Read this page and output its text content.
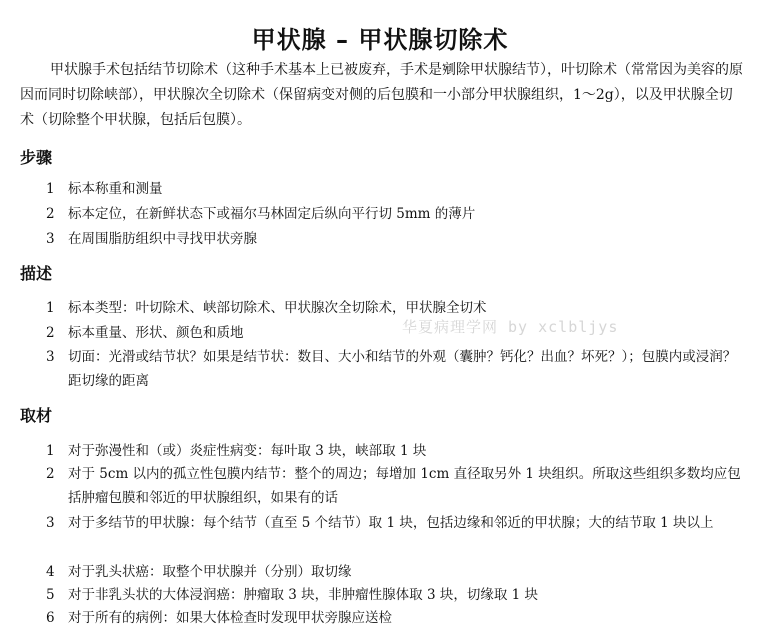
甲状腺 – 甲状腺切除术

甲状腺手术包括结节切除术（这种手术基本上已被废弃，手术是剜除甲状腺结节），叶切除术（常常因为美容的原因而同时切除峡部），甲状腺次全切除术（保留病变对侧的后包膜和一小部分甲状腺组织，1～2g），以及甲状腺全切术（切除整个甲状腺，包括后包膜）。

步骤
1 标本称重和测量
2 标本定位，在新鲜状态下或福尔马林固定后纵向平行切 5mm 的薄片
3 在周围脂肪组织中寻找甲状旁腺
描述
1 标本类型：叶切除术、峡部切除术、甲状腺次全切除术，甲状腺全切术
2 标本重量、形状、颜色和质地
3 切面：光滑或结节状？如果是结节状：数目、大小和结节的外观（囊肿？钙化？出血？坏死？）；包膜内或浸润？距切缘的距离
取材
1 对于弥漫性和（或）炎症性病变：每叶取 3 块，峡部取 1 块
2 对于 5cm 以内的孤立性包膜内结节：整个的周边；每增加 1cm 直径取另外 1 块组织。所取这些组织多数均应包括肿瘤包膜和邻近的甲状腺组织，如果有的话
3 对于多结节的甲状腺：每个结节（直至 5 个结节）取 1 块，包括边缘和邻近的甲状腺；大的结节取 1 块以上
4 对于乳头状癌：取整个甲状腺并（分别）取切缘
5 对于非乳头状的大体浸润癌：肿瘤取 3 块，非肿瘤性腺体取 3 块，切缘取 1 块
6 对于所有的病例：如果大体检查时发现甲状旁腺应送检
华夏病理学网 by xclbljys
